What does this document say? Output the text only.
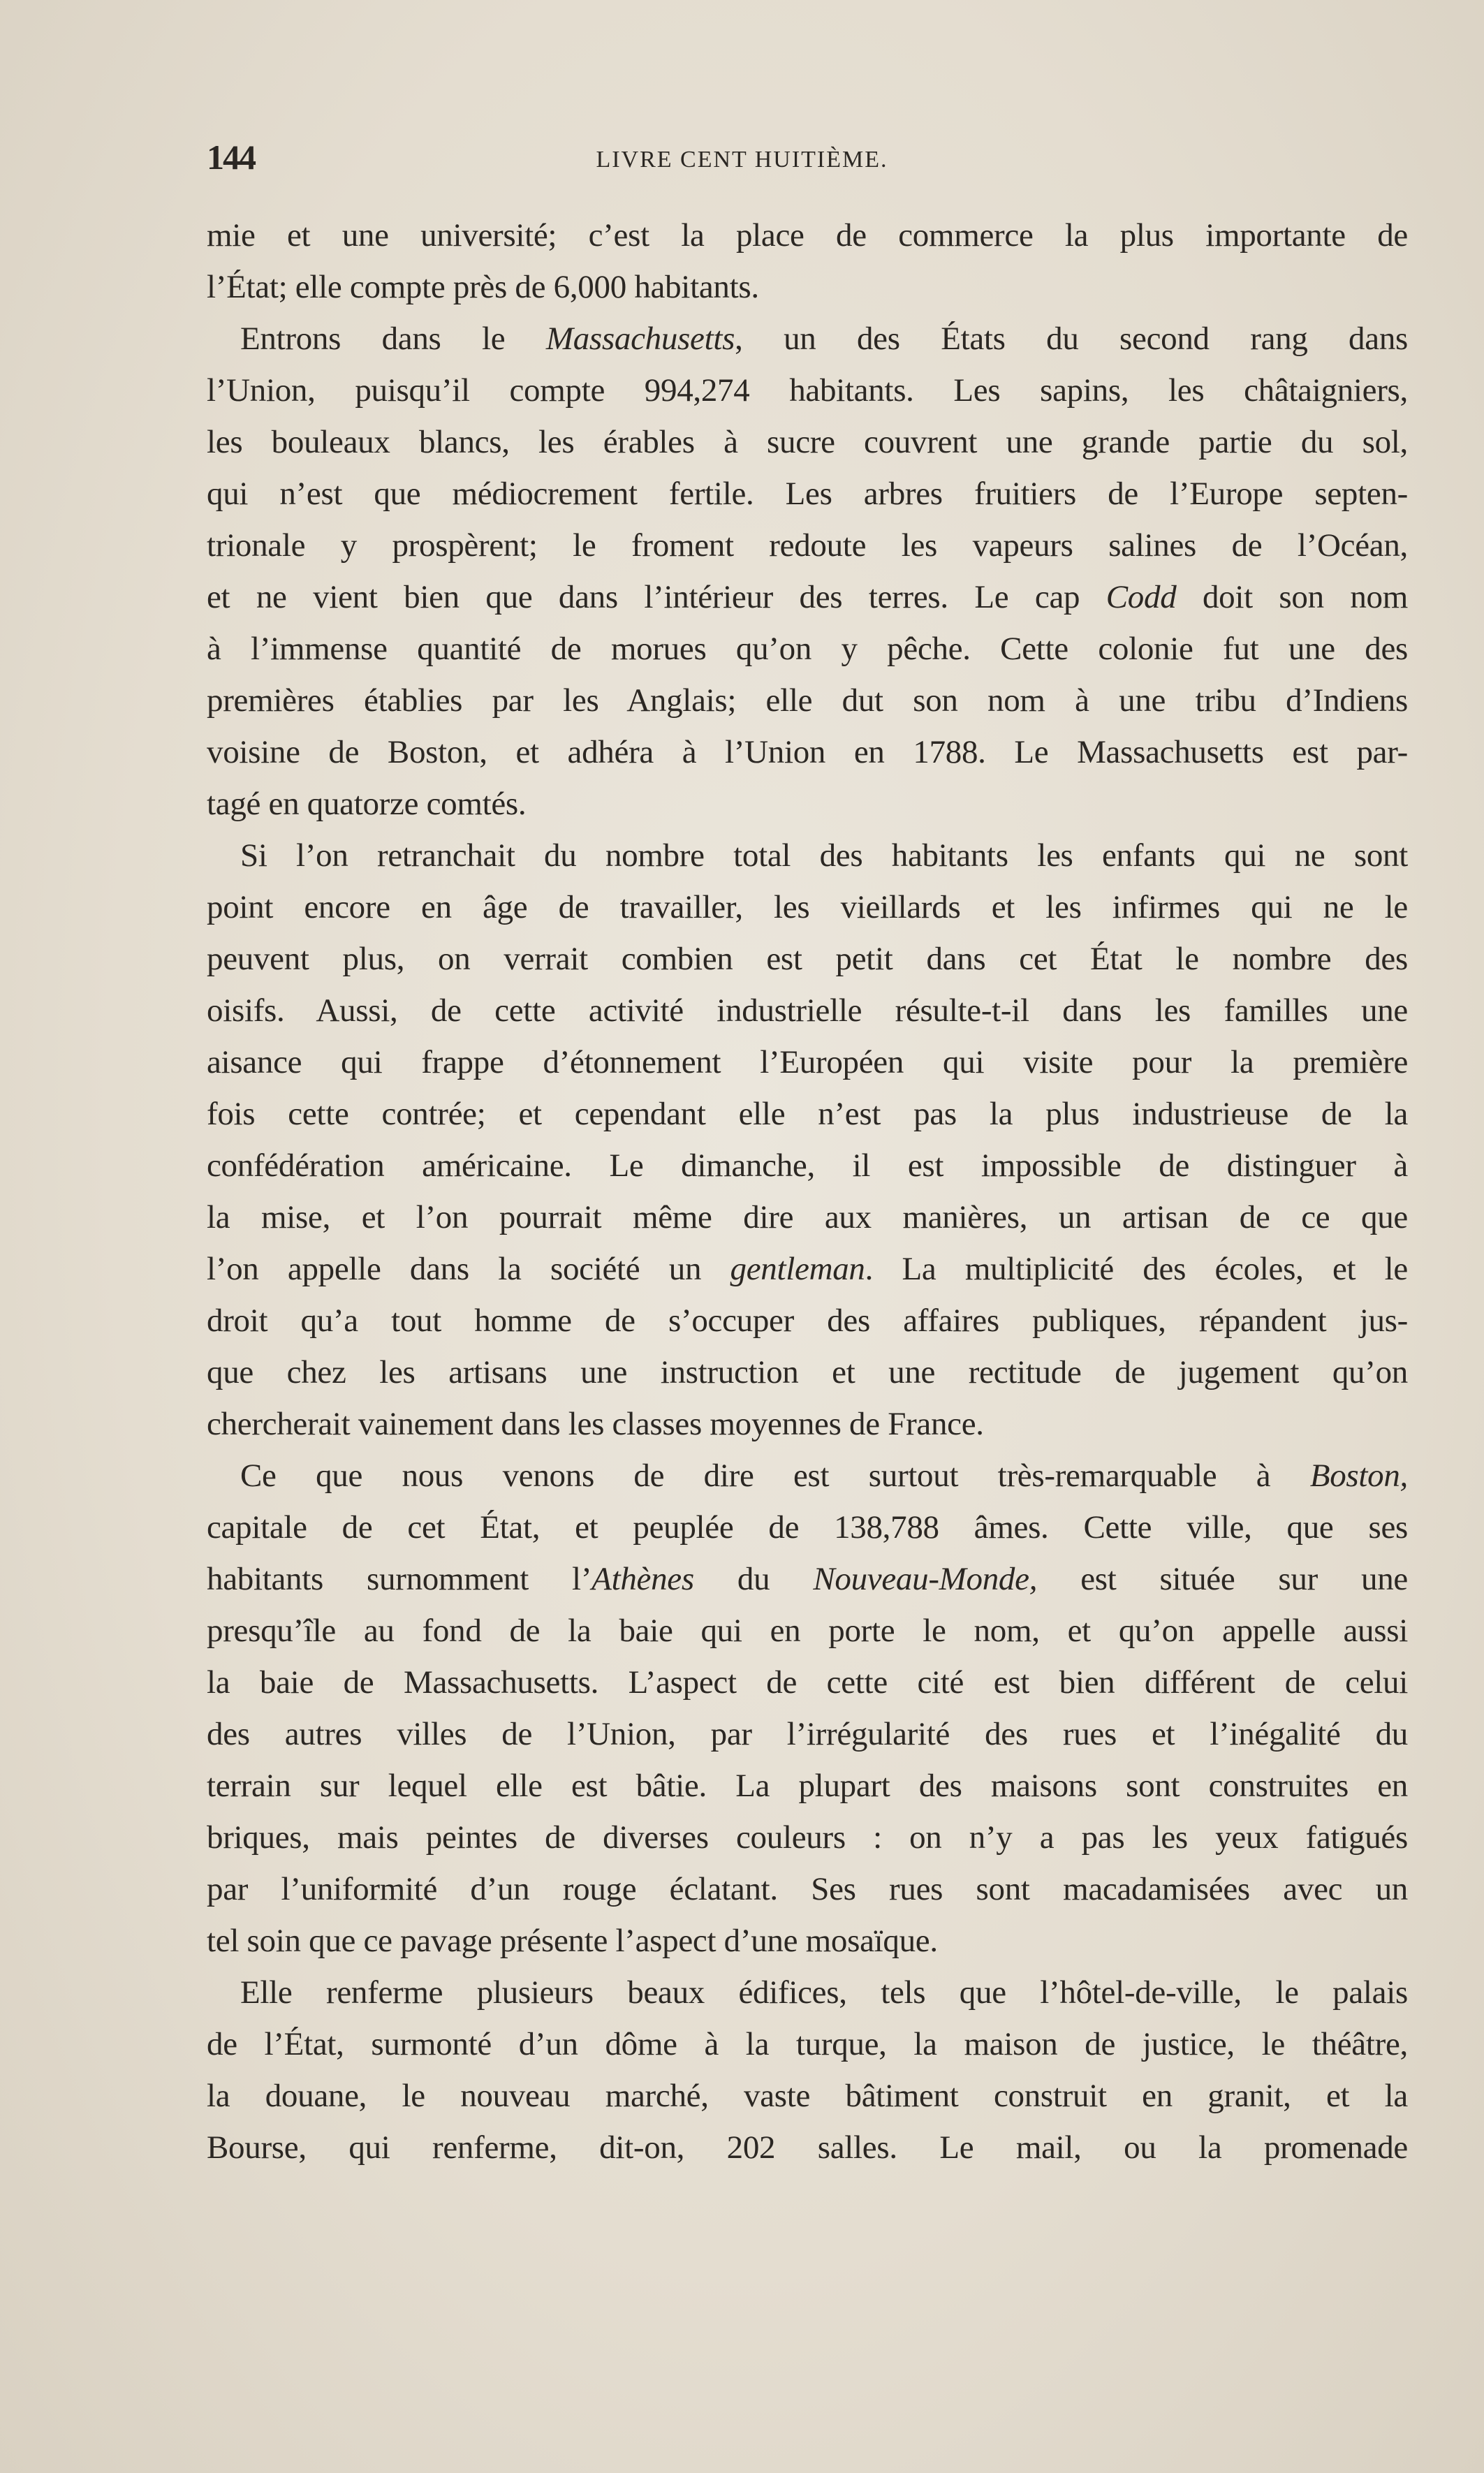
144	LIVRE CENT HUITIÈME.
mie et une université; c’est la place de commerce la plus importante de
l’État; elle compte près de 6,000 habitants.
Entrons dans le Massachusetts, un des États du second rang dans
l’Union, puisqu’il compte 994,274 habitants. Les sapins, les châtaigniers,
les bouleaux blancs, les érables à sucre couvrent une grande partie du sol,
qui n’est que médiocrement fertile. Les arbres fruitiers de l’Europe septen-
trionale y prospèrent; le froment redoute les vapeurs salines de l’Océan,
et ne vient bien que dans l’intérieur des terres. Le cap Codd doit son nom
à l’immense quantité de morues qu’on y pêche. Cette colonie fut une des
premières établies par les Anglais; elle dut son nom à une tribu d’Indiens
voisine de Boston, et adhéra à l’Union en 1788. Le Massachusetts est par-
tagé en quatorze comtés.
Si l’on retranchait du nombre total des habitants les enfants qui ne sont
point encore en âge de travailler, les vieillards et les infirmes qui ne le
peuvent plus, on verrait combien est petit dans cet État le nombre des
oisifs. Aussi, de cette activité industrielle résulte-t-il dans les familles une
aisance qui frappe d’étonnement l’Européen qui visite pour la première
fois cette contrée; et cependant elle n’est pas la plus industrieuse de la
confédération américaine. Le dimanche, il est impossible de distinguer à
la mise, et l’on pourrait même dire aux manières, un artisan de ce que
l’on appelle dans la société un gentleman. La multiplicité des écoles, et le
droit qu’a tout homme de s’occuper des affaires publiques, répandent jus-
que chez les artisans une instruction et une rectitude de jugement qu’on
chercherait vainement dans les classes moyennes de France.
Ce que nous venons de dire est surtout très-remarquable à Boston,
capitale de cet État, et peuplée de 138,788 âmes. Cette ville, que ses
habitants surnomment l’Athènes du Nouveau-Monde, est située sur une
presqu’île au fond de la baie qui en porte le nom, et qu’on appelle aussi
la baie de Massachusetts. L’aspect de cette cité est bien différent de celui
des autres villes de l’Union, par l’irrégularité des rues et l’inégalité du
terrain sur lequel elle est bâtie. La plupart des maisons sont construites en
briques, mais peintes de diverses couleurs : on n’y a pas les yeux fatigués
par l’uniformité d’un rouge éclatant. Ses rues sont macadamisées avec un
tel soin que ce pavage présente l’aspect d’une mosaïque.
Elle renferme plusieurs beaux édifices, tels que l’hôtel-de-ville, le palais
de l’État, surmonté d’un dôme à la turque, la maison de justice, le théâtre,
la douane, le nouveau marché, vaste bâtiment construit en granit, et la
Bourse, qui renferme, dit-on, 202 salles. Le mail, ou la promenade
